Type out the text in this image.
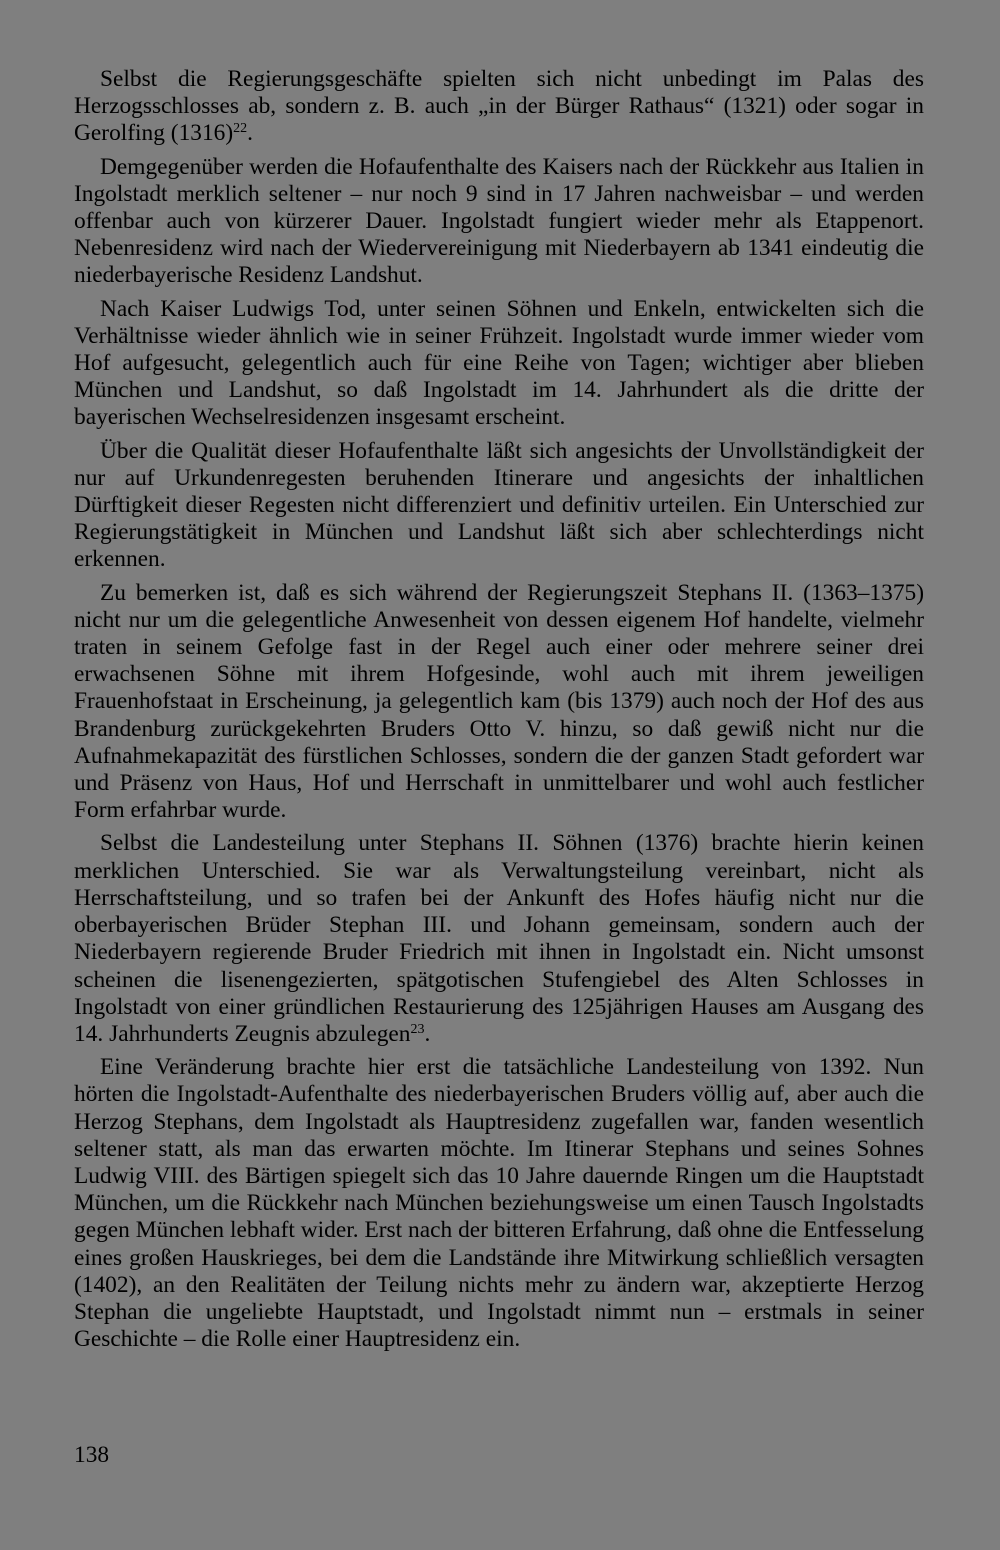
Selbst die Regierungsgeschäfte spielten sich nicht unbedingt im Palas des Herzogsschlosses ab, sondern z. B. auch „in der Bürger Rathaus“ (1321) oder sogar in Gerolfing (1316)$^{22}$.

Demgegenüber werden die Hofaufenthalte des Kaisers nach der Rückkehr aus Italien in Ingolstadt merklich seltener – nur noch 9 sind in 17 Jahren nachweisbar – und werden offenbar auch von kürzerer Dauer. Ingolstadt fungiert wieder mehr als Etappenort. Nebenresidenz wird nach der Wiedervereinigung mit Niederbayern ab 1341 eindeutig die niederbayerische Residenz Landshut.

Nach Kaiser Ludwigs Tod, unter seinen Söhnen und Enkeln, entwickelten sich die Verhältnisse wieder ähnlich wie in seiner Frühzeit. Ingolstadt wurde immer wieder vom Hof aufgesucht, gelegentlich auch für eine Reihe von Tagen; wichtiger aber blieben München und Landshut, so daß Ingolstadt im 14. Jahrhundert als die dritte der bayerischen Wechselresidenzen insgesamt erscheint.

Über die Qualität dieser Hofaufenthalte läßt sich angesichts der Unvollständigkeit der nur auf Urkundenregesten beruhenden Itinerare und angesichts der inhaltlichen Dürftigkeit dieser Regesten nicht differenziert und definitiv urteilen. Ein Unterschied zur Regierungstätigkeit in München und Landshut läßt sich aber schlechterdings nicht erkennen.

Zu bemerken ist, daß es sich während der Regierungszeit Stephans II. (1363–1375) nicht nur um die gelegentliche Anwesenheit von dessen eigenem Hof handelte, vielmehr traten in seinem Gefolge fast in der Regel auch einer oder mehrere seiner drei erwachsenen Söhne mit ihrem Hofgesinde, wohl auch mit ihrem jeweiligen Frauenhofstaat in Erscheinung, ja gelegentlich kam (bis 1379) auch noch der Hof des aus Brandenburg zurückgekehrten Bruders Otto V. hinzu, so daß gewiß nicht nur die Aufnahmekapazität des fürstlichen Schlosses, sondern die der ganzen Stadt gefordert war und Präsenz von Haus, Hof und Herrschaft in unmittelbarer und wohl auch festlicher Form erfahrbar wurde.

Selbst die Landesteilung unter Stephans II. Söhnen (1376) brachte hierin keinen merklichen Unterschied. Sie war als Verwaltungsteilung vereinbart, nicht als Herrschaftsteilung, und so trafen bei der Ankunft des Hofes häufig nicht nur die oberbayerischen Brüder Stephan III. und Johann gemeinsam, sondern auch der Niederbayern regierende Bruder Friedrich mit ihnen in Ingolstadt ein. Nicht umsonst scheinen die lisenengezierten, spätgotischen Stufengiebel des Alten Schlosses in Ingolstadt von einer gründlichen Restaurierung des 125jährigen Hauses am Ausgang des 14. Jahrhunderts Zeugnis abzulegen$^{23}$.

Eine Veränderung brachte hier erst die tatsächliche Landesteilung von 1392. Nun hörten die Ingolstadt-Aufenthalte des niederbayerischen Bruders völlig auf, aber auch die Herzog Stephans, dem Ingolstadt als Hauptresidenz zugefallen war, fanden wesentlich seltener statt, als man das erwarten möchte. Im Itinerar Stephans und seines Sohnes Ludwig VIII. des Bärtigen spiegelt sich das 10 Jahre dauernde Ringen um die Hauptstadt München, um die Rückkehr nach München beziehungsweise um einen Tausch Ingolstadts gegen München lebhaft wider. Erst nach der bitteren Erfahrung, daß ohne die Entfesselung eines großen Hauskrieges, bei dem die Landstände ihre Mitwirkung schließlich versagten (1402), an den Realitäten der Teilung nichts mehr zu ändern war, akzeptierte Herzog Stephan die ungeliebte Hauptstadt, und Ingolstadt nimmt nun – erstmals in seiner Geschichte – die Rolle einer Hauptresidenz ein.

138
